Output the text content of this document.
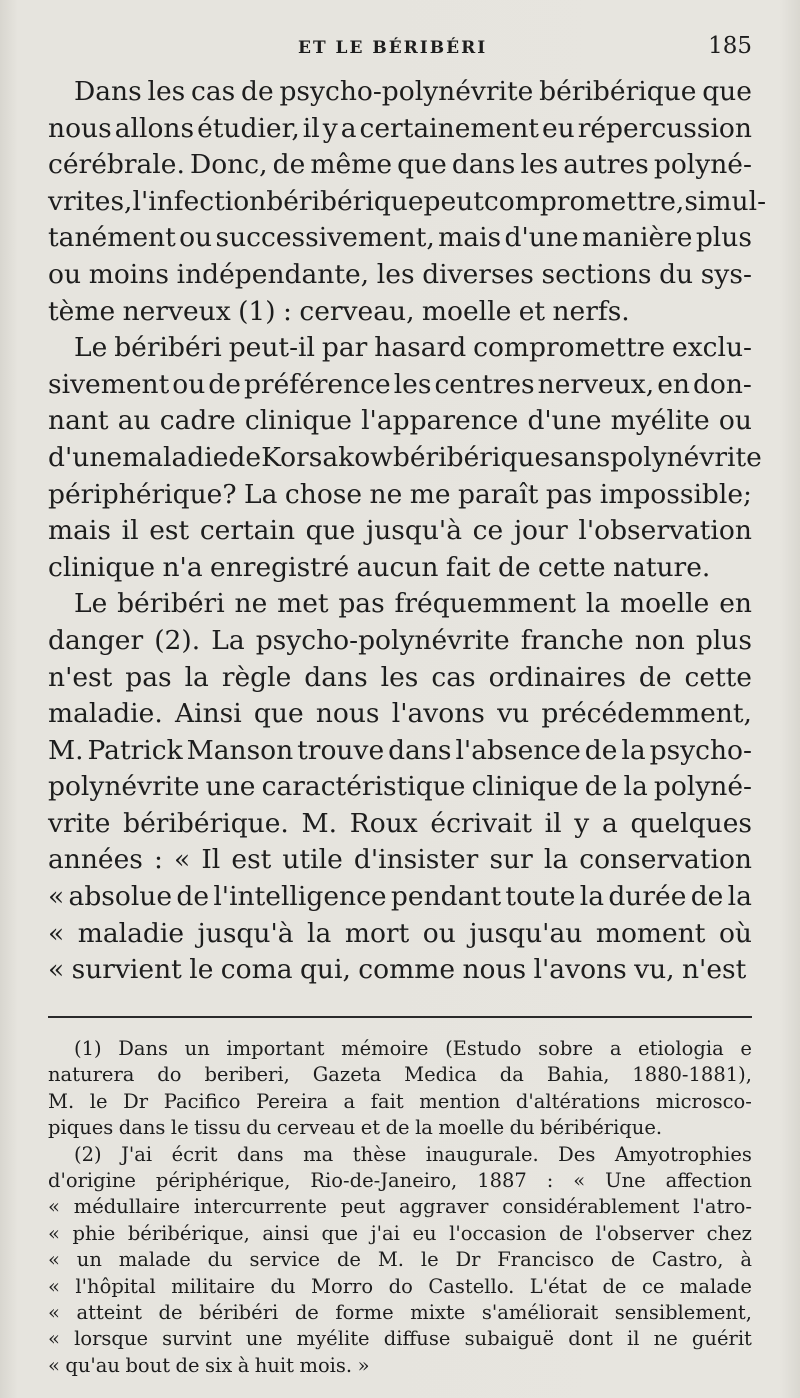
ET LE BÉRIBÉRI	185
Dans les cas de psycho-polynévrite béribérique que
nous allons étudier, il y a certainement eu répercussion
cérébrale. Donc, de même que dans les autres polyné-
vrites, l'infection béribérique peut compromettre, simul-
tanément ou successivement, mais d'une manière plus
ou moins indépendante, les diverses sections du sys-
tème nerveux (1) : cerveau, moelle et nerfs.
Le béribéri peut-il par hasard compromettre exclu-
sivement ou de préférence les centres nerveux, en don-
nant au cadre clinique l'apparence d'une myélite ou
d'une maladie de Korsakow béribérique sans polynévrite
périphérique? La chose ne me paraît pas impossible;
mais il est certain que jusqu'à ce jour l'observation
clinique n'a enregistré aucun fait de cette nature.
Le béribéri ne met pas fréquemment la moelle en
danger (2). La psycho-polynévrite franche non plus
n'est pas la règle dans les cas ordinaires de cette
maladie. Ainsi que nous l'avons vu précédemment,
M. Patrick Manson trouve dans l'absence de la psycho-
polynévrite une caractéristique clinique de la polyné-
vrite béribérique. M. Roux écrivait il y a quelques
années : « Il est utile d'insister sur la conservation
« absolue de l'intelligence pendant toute la durée de la
« maladie jusqu'à la mort ou jusqu'au moment où
« survient le coma qui, comme nous l'avons vu, n'est
(1) Dans un important mémoire (Estudo sobre a etiologia e
naturera do beriberi, Gazeta Medica da Bahia, 1880-1881),
M. le Dr Pacifico Pereira a fait mention d'altérations microsco-
piques dans le tissu du cerveau et de la moelle du béribérique.
(2) J'ai écrit dans ma thèse inaugurale. Des Amyotrophies
d'origine périphérique, Rio-de-Janeiro, 1887 : « Une affection
« médullaire intercurrente peut aggraver considérablement l'atro-
« phie béribérique, ainsi que j'ai eu l'occasion de l'observer chez
« un malade du service de M. le Dr Francisco de Castro, à
« l'hôpital militaire du Morro do Castello. L'état de ce malade
« atteint de béribéri de forme mixte s'améliorait sensiblement,
« lorsque survint une myélite diffuse subaiguë dont il ne guérit
« qu'au bout de six à huit mois. »
